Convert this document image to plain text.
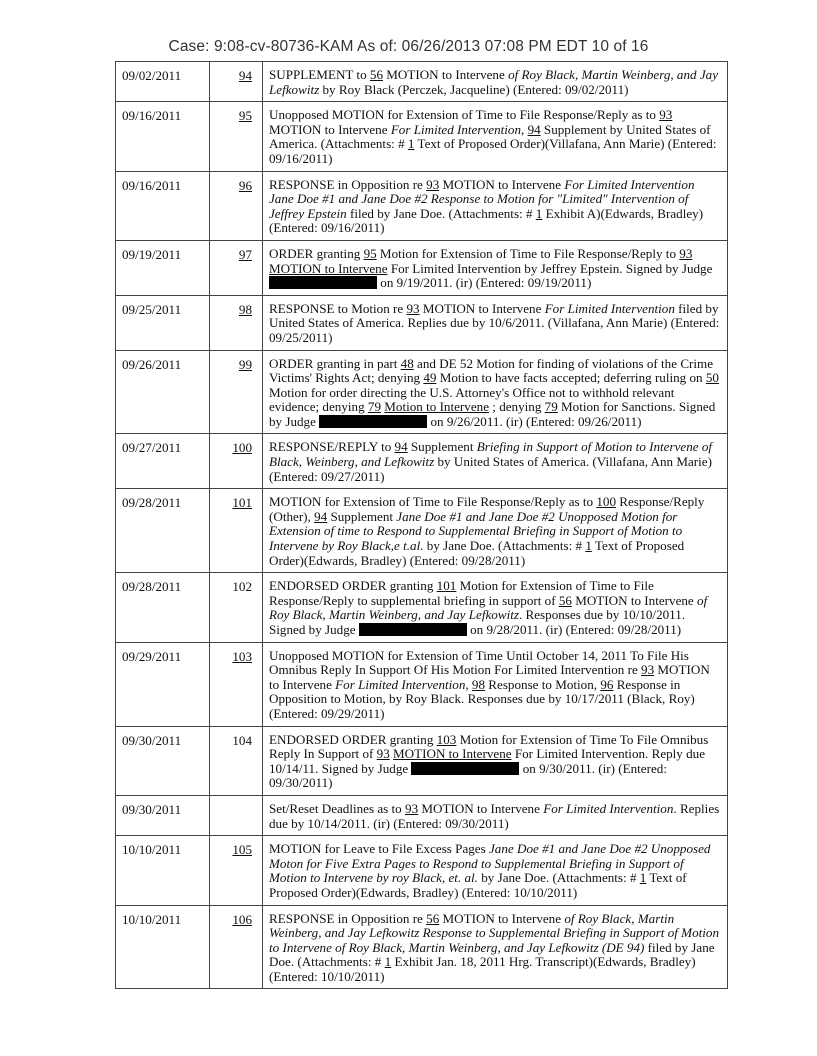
Case: 9:08-cv-80736-KAM As of: 06/26/2013 07:08 PM EDT 10 of 16
09/02/2011	94	SUPPLEMENT to 56 MOTION to Intervene of Roy Black, Martin Weinberg, and Jay Lefkowitz by Roy Black (Perczek, Jacqueline) (Entered: 09/02/2011)
09/16/2011	95	Unopposed MOTION for Extension of Time to File Response/Reply as to 93 MOTION to Intervene For Limited Intervention, 94 Supplement by United States of America. (Attachments: # 1 Text of Proposed Order)(Villafana, Ann Marie) (Entered: 09/16/2011)
09/16/2011	96	RESPONSE in Opposition re 93 MOTION to Intervene For Limited Intervention Jane Doe #1 and Jane Doe #2 Response to Motion for "Limited" Intervention of Jeffrey Epstein filed by Jane Doe. (Attachments: # 1 Exhibit A)(Edwards, Bradley) (Entered: 09/16/2011)
09/19/2011	97	ORDER granting 95 Motion for Extension of Time to File Response/Reply to 93 MOTION to Intervene For Limited Intervention by Jeffrey Epstein. Signed by Judge  on 9/19/2011. (ir) (Entered: 09/19/2011)
09/25/2011	98	RESPONSE to Motion re 93 MOTION to Intervene For Limited Intervention filed by United States of America. Replies due by 10/6/2011. (Villafana, Ann Marie) (Entered: 09/25/2011)
09/26/2011	99	ORDER granting in part 48 and DE 52 Motion for finding of violations of the Crime Victims' Rights Act; denying 49 Motion to have facts accepted; deferring ruling on 50 Motion for order directing the U.S. Attorney's Office not to withhold relevant evidence; denying 79 Motion to Intervene ; denying 79 Motion for Sanctions. Signed by Judge on 9/26/2011. (ir) (Entered: 09/26/2011)
09/27/2011	100	RESPONSE/REPLY to 94 Supplement Briefing in Support of Motion to Intervene of Black, Weinberg, and Lefkowitz by United States of America. (Villafana, Ann Marie) (Entered: 09/27/2011)
09/28/2011	101	MOTION for Extension of Time to File Response/Reply as to 100 Response/Reply (Other), 94 Supplement Jane Doe #1 and Jane Doe #2 Unopposed Motion for Extension of time to Respond to Supplemental Briefing in Support of Motion to Intervene by Roy Black,e t.al. by Jane Doe. (Attachments: # 1 Text of Proposed Order)(Edwards, Bradley) (Entered: 09/28/2011)
09/28/2011	102	ENDORSED ORDER granting 101 Motion for Extension of Time to File Response/Reply to supplemental briefing in support of 56 MOTION to Intervene of Roy Black, Martin Weinberg, and Jay Lefkowitz. Responses due by 10/10/2011. Signed by Judge on 9/28/2011. (ir) (Entered: 09/28/2011)
09/29/2011	103	Unopposed MOTION for Extension of Time Until October 14, 2011 To File His Omnibus Reply In Support Of His Motion For Limited Intervention re 93 MOTION to Intervene For Limited Intervention, 98 Response to Motion, 96 Response in Opposition to Motion, by Roy Black. Responses due by 10/17/2011 (Black, Roy) (Entered: 09/29/2011)
09/30/2011	104	ENDORSED ORDER granting 103 Motion for Extension of Time To File Omnibus Reply In Support of 93 MOTION to Intervene For Limited Intervention. Reply due 10/14/11. Signed by Judge on 9/30/2011. (ir) (Entered: 09/30/2011)
09/30/2011		Set/Reset Deadlines as to 93 MOTION to Intervene For Limited Intervention. Replies due by 10/14/2011. (ir) (Entered: 09/30/2011)
10/10/2011	105	MOTION for Leave to File Excess Pages Jane Doe #1 and Jane Doe #2 Unopposed Moton for Five Extra Pages to Respond to Supplemental Briefing in Support of Motion to Intervene by roy Black, et. al. by Jane Doe. (Attachments: # 1 Text of Proposed Order)(Edwards, Bradley) (Entered: 10/10/2011)
10/10/2011	106	RESPONSE in Opposition re 56 MOTION to Intervene of Roy Black, Martin Weinberg, and Jay Lefkowitz Response to Supplemental Briefing in Support of Motion to Intervene of Roy Black, Martin Weinberg, and Jay Lefkowitz (DE 94) filed by Jane Doe. (Attachments: # 1 Exhibit Jan. 18, 2011 Hrg. Transcript)(Edwards, Bradley) (Entered: 10/10/2011)
